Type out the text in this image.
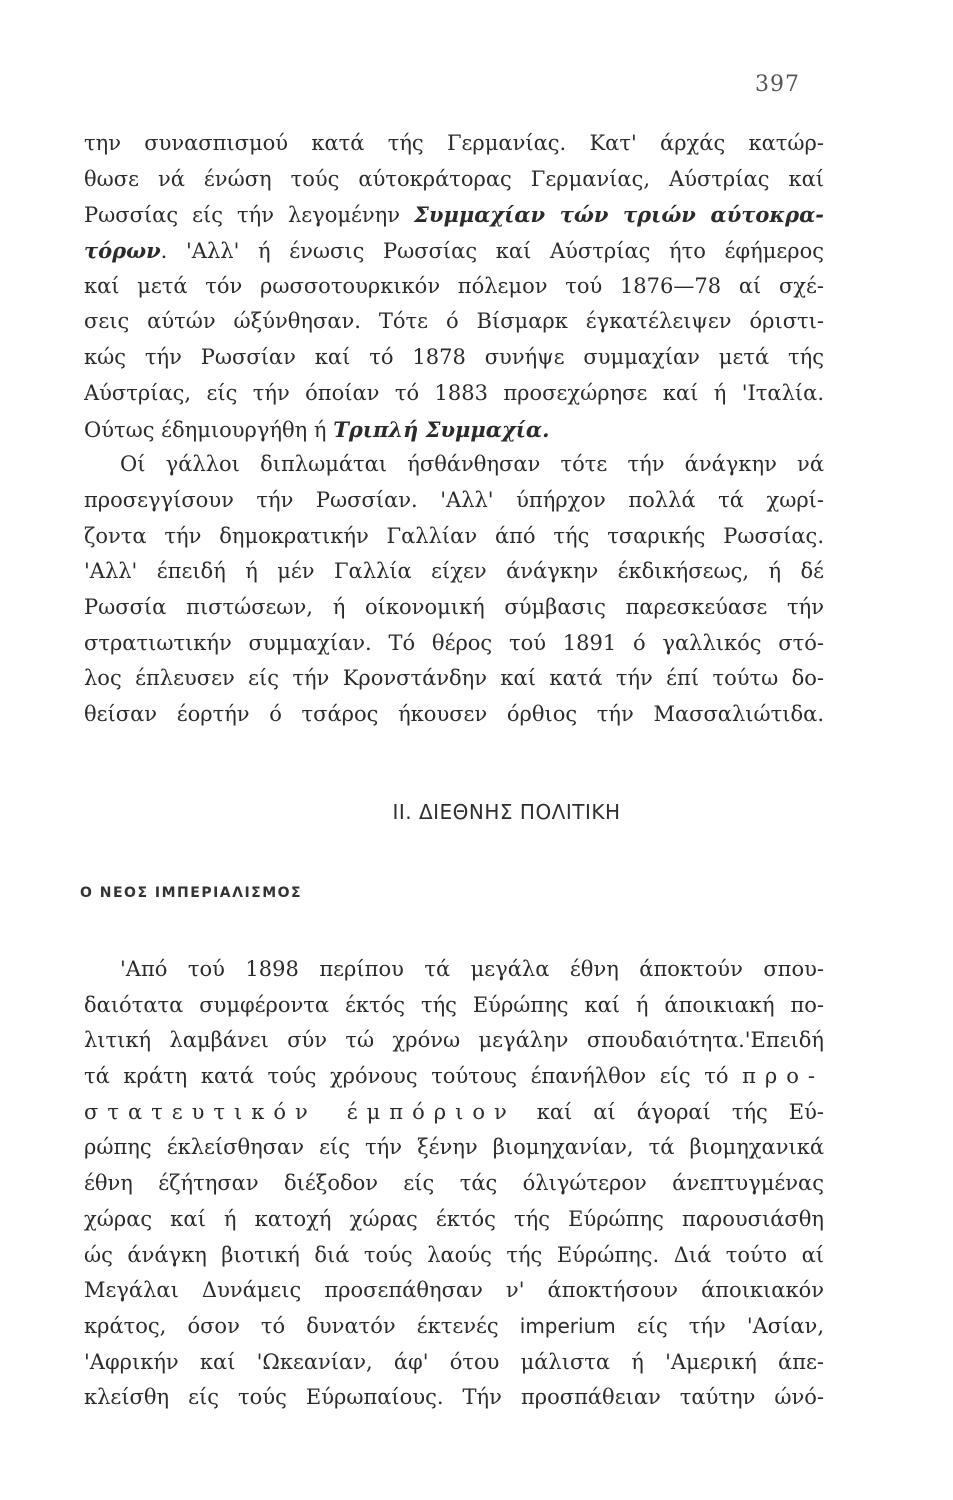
397
την συνασπισμού κατά τής Γερμανίας. Κατ' άρχάς κατώρ-
θωσε νά ένώση τούς αύτοκράτορας Γερμανίας, Αύστρίας καί
Ρωσσίας είς τήν λεγομένην Συμμαχίαν τών τριών αύτοκρα-
τόρων. 'Αλλ' ή ένωσις Ρωσσίας καί Αύστρίας ήτο έφήμερος
καί μετά τόν ρωσσοτουρκικόν πόλεμον τού 1876—78 αί σχέ-
σεις αύτών ώξύνθησαν. Τότε ό Βίσμαρκ έγκατέλειψεν όριστι-
κώς τήν Ρωσσίαν καί τό 1878 συνήψε συμμαχίαν μετά τής
Αύστρίας, είς τήν όποίαν τό 1883 προσεχώρησε καί ή 'Ιταλία.
Ούτως έδημιουργήθη ή Τριπλή Συμμαχία.
Οί γάλλοι διπλωμάται ήσθάνθησαν τότε τήν άνάγκην νά
προσεγγίσουν τήν Ρωσσίαν. 'Αλλ' ύπήρχον πολλά τά χωρί-
ζοντα τήν δημοκρατικήν Γαλλίαν άπό τής τσαρικής Ρωσσίας.
'Αλλ' έπειδή ή μέν Γαλλία είχεν άνάγκην έκδικήσεως, ή δέ
Ρωσσία πιστώσεων, ή οίκονομική σύμβασις παρεσκεύασε τήν
στρατιωτικήν συμμαχίαν. Τό θέρος τού 1891 ό γαλλικός στό-
λος έπλευσεν είς τήν Κρονστάνδην καί κατά τήν έπί τούτω δο-
θείσαν έορτήν ό τσάρος ήκουσεν όρθιος τήν Μασσαλιώτιδα.
II. ΔΙΕΘΝΗΣ ΠΟΛΙΤΙΚΗ
Ο ΝΕΟΣ ΙΜΠΕΡΙΑΛΙΣΜΟΣ
'Από τού 1898 περίπου τά μεγάλα έθνη άποκτούν σπου-
δαιότατα συμφέροντα έκτός τής Εύρώπης καί ή άποικιακή πο-
λιτική λαμβάνει σύν τώ χρόνω μεγάλην σπουδαιότητα.'Επειδή
τά κράτη κατά τούς χρόνους τούτους έπανήλθον είς τό προ-
στατευτικόν έμπόριον καί αί άγοραί τής Εύ-
ρώπης έκλείσθησαν είς τήν ξένην βιομηχανίαν, τά βιομηχανικά
έθνη έζήτησαν διέξοδον είς τάς όλιγώτερον άνεπτυγμένας
χώρας καί ή κατοχή χώρας έκτός τής Εύρώπης παρουσιάσθη
ώς άνάγκη βιοτική διά τούς λαούς τής Εύρώπης. Διά τούτο αί
Μεγάλαι Δυνάμεις προσεπάθησαν ν' άποκτήσουν άποικιακόν
κράτος, όσον τό δυνατόν έκτενές imperium είς τήν 'Ασίαν,
'Αφρικήν καί 'Ωκεανίαν, άφ' ότου μάλιστα ή 'Αμερική άπε-
κλείσθη είς τούς Εύρωπαίους. Τήν προσπάθειαν ταύτην ώνό-
